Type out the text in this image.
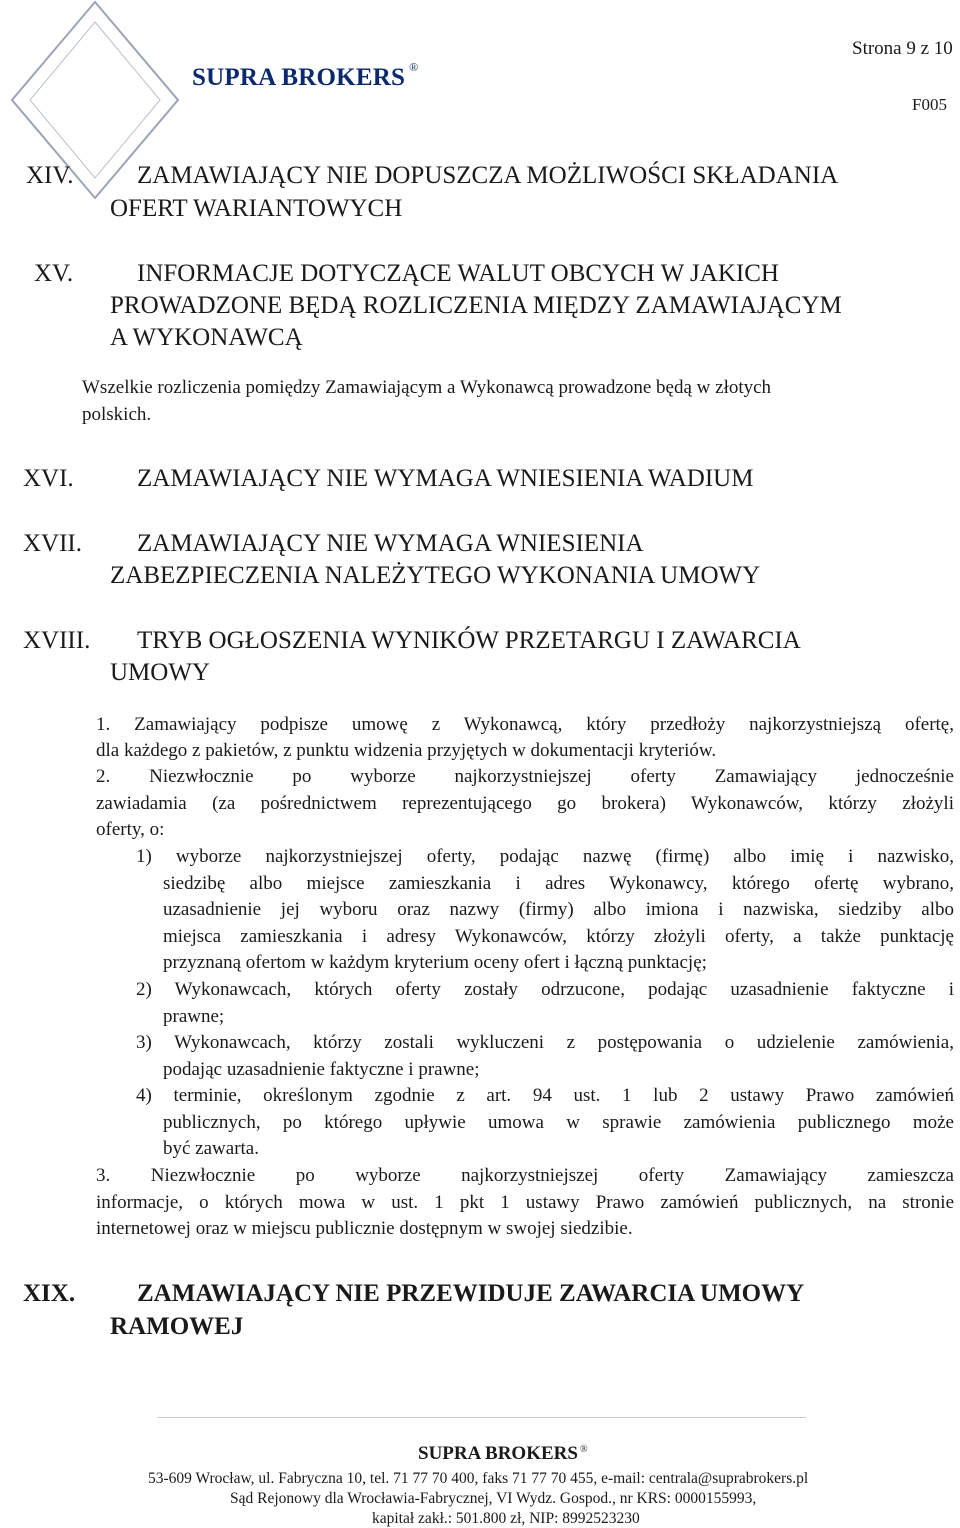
Strona 9 z 10

SUPRA BROKERS ®

F005

XIV.	ZAMAWIAJĄCY NIE DOPUSZCZA MOŻLIWOŚCI SKŁADANIA

OFERT WARIANTOWYCH

XV.	INFORMACJE DOTYCZĄCE WALUT OBCYCH W JAKICH

PROWADZONE BĘDĄ ROZLICZENIA MIĘDZY ZAMAWIAJĄCYM

A WYKONAWCĄ

Wszelkie rozliczenia pomiędzy Zamawiającym a Wykonawcą prowadzone będą w złotych

polskich.

XVI.	ZAMAWIAJĄCY NIE WYMAGA WNIESIENIA WADIUM

XVII. ZAMAWIAJĄCY NIE WYMAGA WNIESIENIA

ZABEZPIECZENIA NALEŻYTEGO WYKONANIA UMOWY

XVIII. TRYB OGŁOSZENIA WYNIKÓW PRZETARGU I ZAWARCIA

UMOWY

1. Zamawiający podpisze umowę z Wykonawcą, który przedłoży najkorzystniejszą ofertę,

dla każdego z pakietów, z punktu widzenia przyjętych w dokumentacji kryteriów.

2. Niezwłocznie po wyborze najkorzystniejszej oferty Zamawiający jednocześnie

zawiadamia (za pośrednictwem reprezentującego go brokera) Wykonawców, którzy złożyli

oferty, o:

1) wyborze najkorzystniejszej oferty, podając nazwę (firmę) albo imię i nazwisko,

siedzibę albo miejsce zamieszkania i adres Wykonawcy, którego ofertę wybrano,

uzasadnienie jej wyboru oraz nazwy (firmy) albo imiona i nazwiska, siedziby albo

miejsca zamieszkania i adresy Wykonawców, którzy złożyli oferty, a także punktację

przyznaną ofertom w każdym kryterium oceny ofert i łączną punktację;

2) Wykonawcach, których oferty zostały odrzucone, podając uzasadnienie faktyczne i

prawne;

3) Wykonawcach, którzy zostali wykluczeni z postępowania o udzielenie zamówienia,

podając uzasadnienie faktyczne i prawne;

4) terminie, określonym zgodnie z art. 94 ust. 1 lub 2 ustawy Prawo zamówień

publicznych, po którego upływie umowa w sprawie zamówienia publicznego może

być zawarta.

3. Niezwłocznie po wyborze najkorzystniejszej oferty Zamawiający zamieszcza

informacje, o których mowa w ust. 1 pkt 1 ustawy Prawo zamówień publicznych, na stronie

internetowej oraz w miejscu publicznie dostępnym w swojej siedzibie.

XIX. ZAMAWIAJĄCY NIE PRZEWIDUJE ZAWARCIA UMOWY

RAMOWEJ

SUPRA BROKERS ®

53-609 Wrocław, ul. Fabryczna 10, tel. 71 77 70 400, faks 71 77 70 455, e-mail: centrala@suprabrokers.pl

Sąd Rejonowy dla Wrocławia-Fabrycznej, VI Wydz. Gospod., nr KRS: 0000155993,

kapitał zakł.: 501.800 zł, NIP: 8992523230
